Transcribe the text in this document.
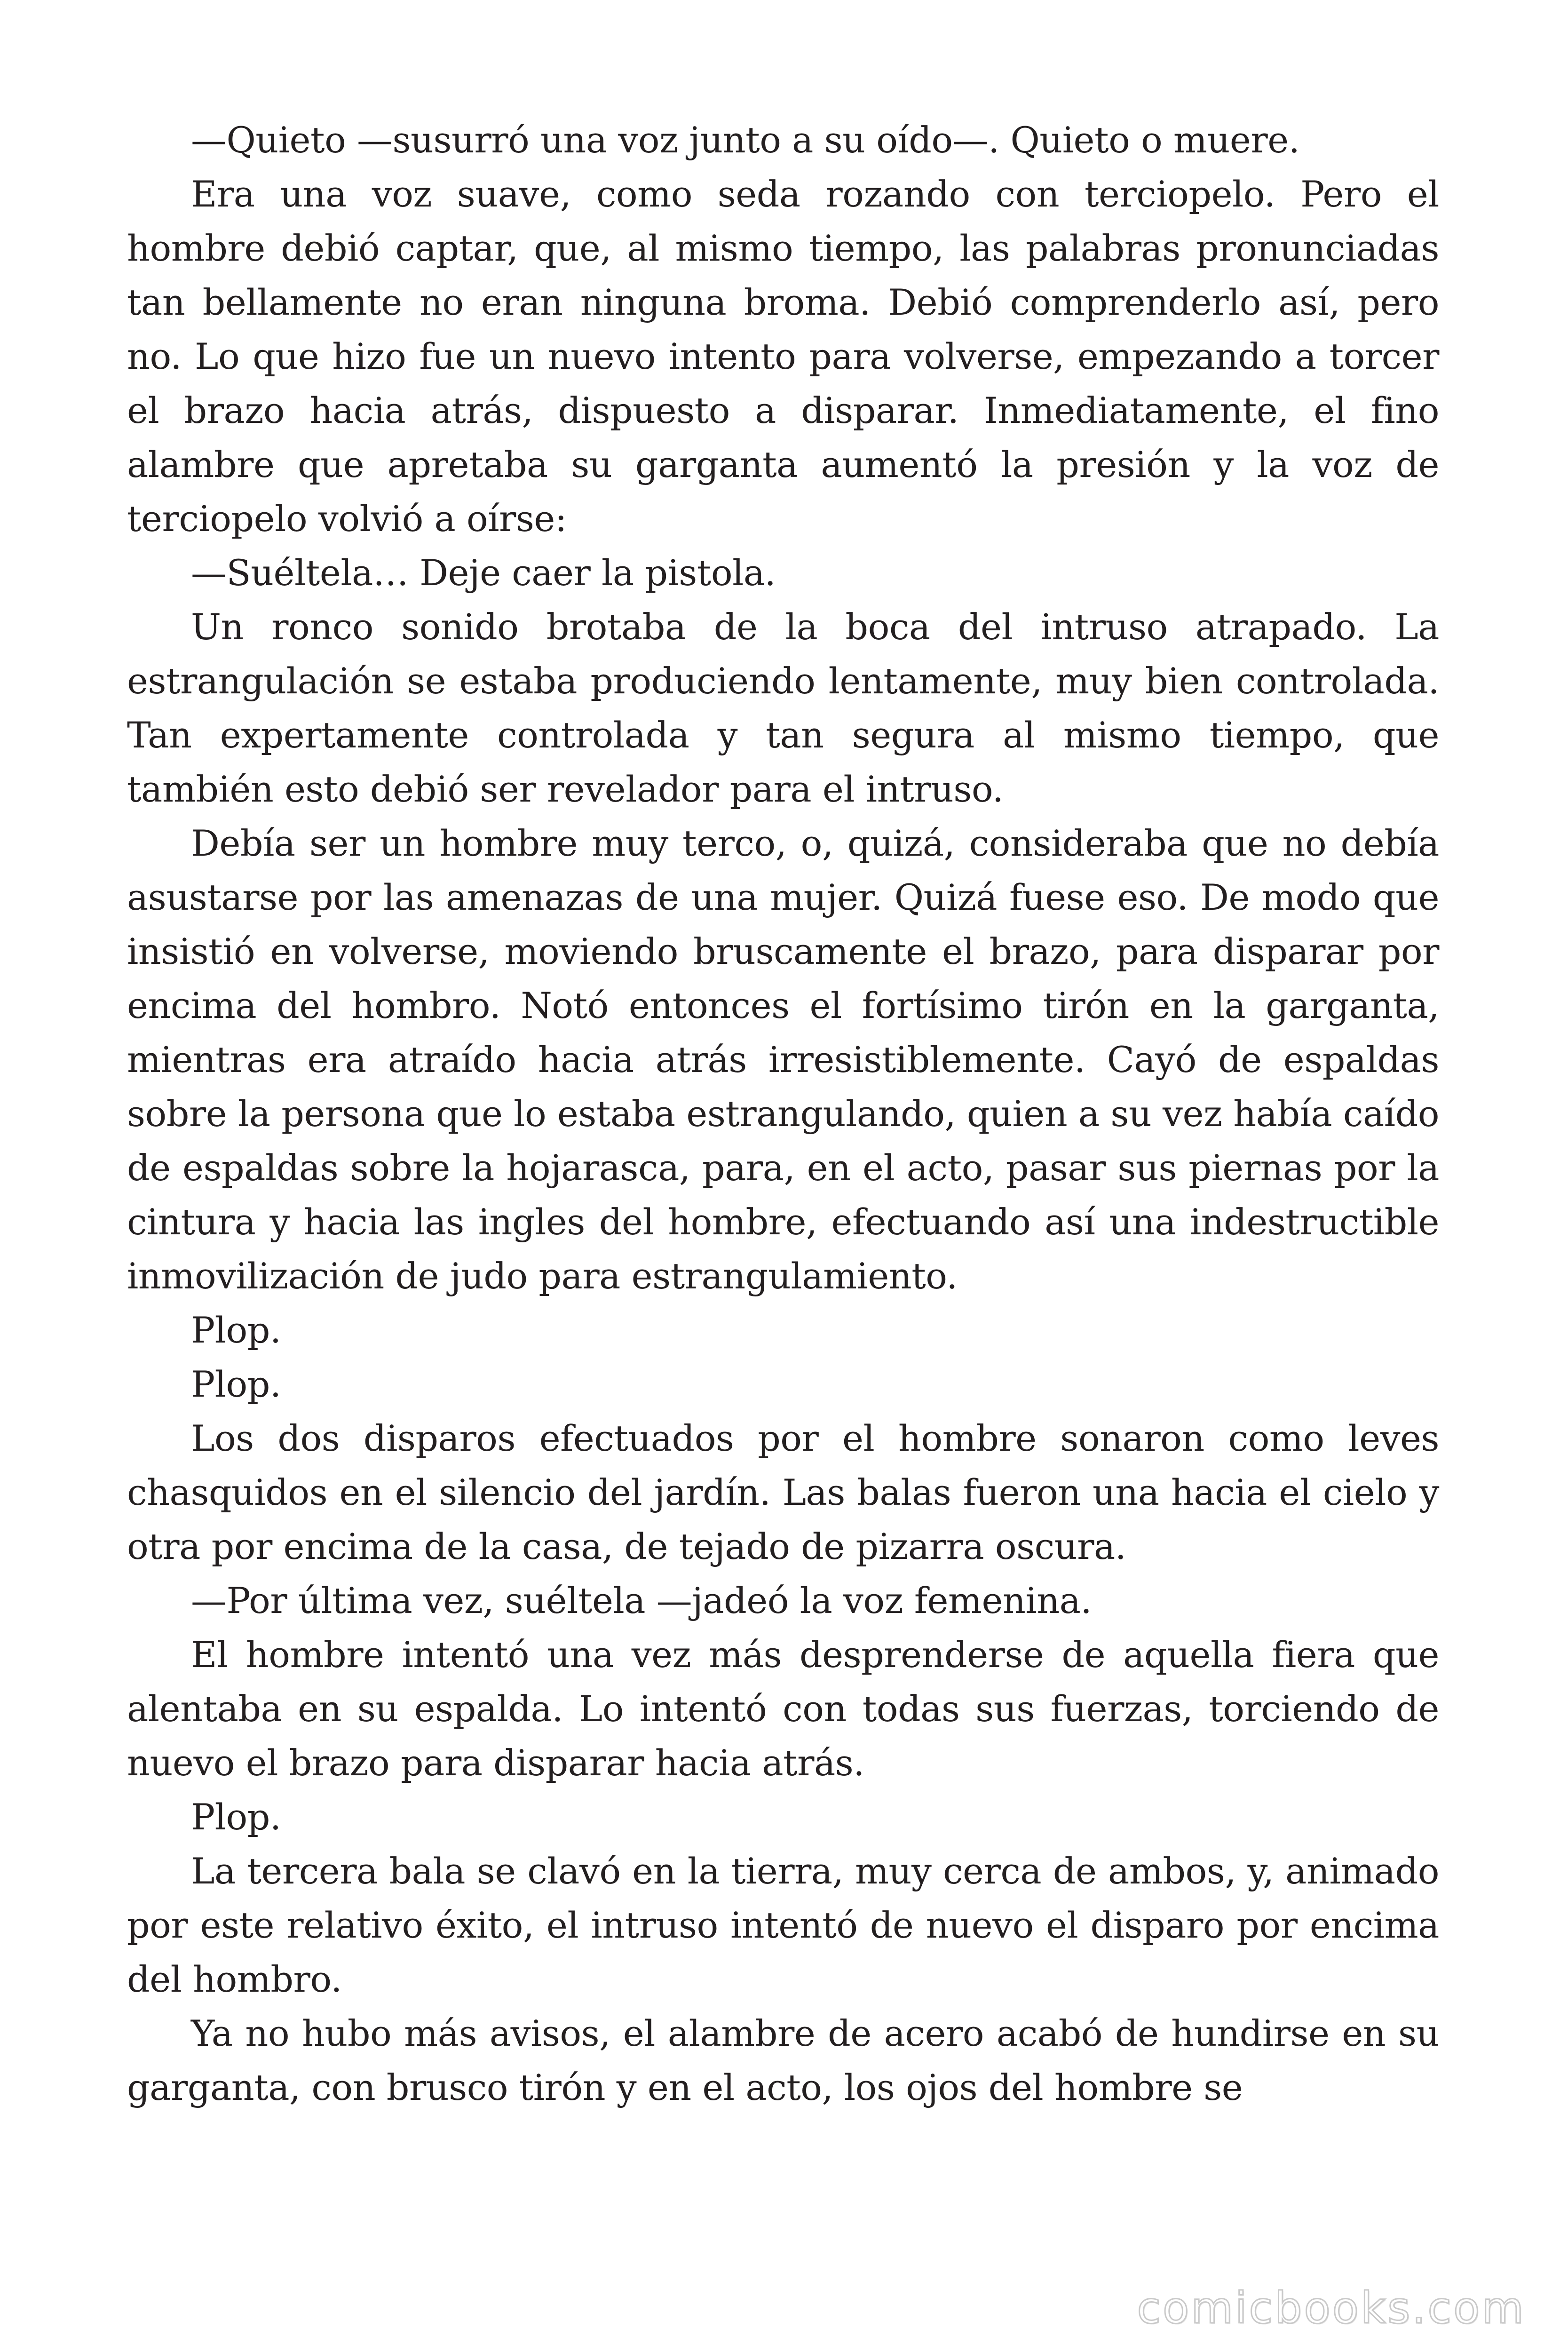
—Quieto —susurró una voz junto a su oído—. Quieto o muere.

Era una voz suave, como seda rozando con terciopelo. Pero el hombre debió captar, que, al mismo tiempo, las palabras pronunciadas tan bellamente no eran ninguna broma. Debió comprenderlo así, pero no. Lo que hizo fue un nuevo intento para volverse, empezando a torcer el brazo hacia atrás, dispuesto a disparar. Inmediatamente, el fino alambre que apretaba su garganta aumentó la presión y la voz de terciopelo volvió a oírse:

—Suéltela… Deje caer la pistola.

Un ronco sonido brotaba de la boca del intruso atrapado. La estrangulación se estaba produciendo lentamente, muy bien controlada. Tan expertamente controlada y tan segura al mismo tiempo, que también esto debió ser revelador para el intruso.

Debía ser un hombre muy terco, o, quizá, consideraba que no debía asustarse por las amenazas de una mujer. Quizá fuese eso. De modo que insistió en volverse, moviendo bruscamente el brazo, para disparar por encima del hombro. Notó entonces el fortísimo tirón en la garganta, mientras era atraído hacia atrás irresistiblemente. Cayó de espaldas sobre la persona que lo estaba estrangulando, quien a su vez había caído de espaldas sobre la hojarasca, para, en el acto, pasar sus piernas por la cintura y hacia las ingles del hombre, efectuando así una indestructible inmovilización de judo para estrangulamiento.

Plop.

Plop.

Los dos disparos efectuados por el hombre sonaron como leves chasquidos en el silencio del jardín. Las balas fueron una hacia el cielo y otra por encima de la casa, de tejado de pizarra oscura.

—Por última vez, suéltela —jadeó la voz femenina.

El hombre intentó una vez más desprenderse de aquella fiera que alentaba en su espalda. Lo intentó con todas sus fuerzas, torciendo de nuevo el brazo para disparar hacia atrás.

Plop.

La tercera bala se clavó en la tierra, muy cerca de ambos, y, animado por este relativo éxito, el intruso intentó de nuevo el disparo por encima del hombro.

Ya no hubo más avisos, el alambre de acero acabó de hundirse en su garganta, con brusco tirón y en el acto, los ojos del hombre se

comicbooks.com
